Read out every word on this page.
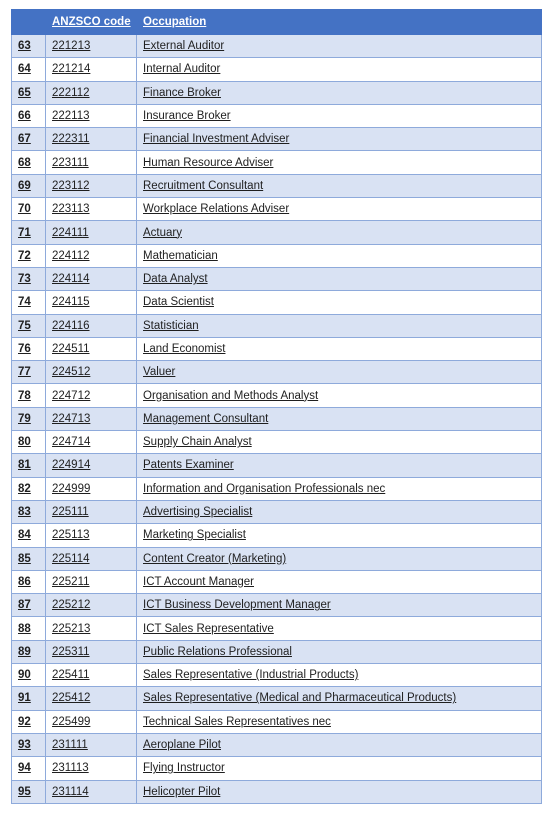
	ANZSCO code	Occupation
63	221213	External Auditor
64	221214	Internal Auditor
65	222112	Finance Broker
66	222113	Insurance Broker
67	222311	Financial Investment Adviser
68	223111	Human Resource Adviser
69	223112	Recruitment Consultant
70	223113	Workplace Relations Adviser
71	224111	Actuary
72	224112	Mathematician
73	224114	Data Analyst
74	224115	Data Scientist
75	224116	Statistician
76	224511	Land Economist
77	224512	Valuer
78	224712	Organisation and Methods Analyst
79	224713	Management Consultant
80	224714	Supply Chain Analyst
81	224914	Patents Examiner
82	224999	Information and Organisation Professionals nec
83	225111	Advertising Specialist
84	225113	Marketing Specialist
85	225114	Content Creator (Marketing)
86	225211	ICT Account Manager
87	225212	ICT Business Development Manager
88	225213	ICT Sales Representative
89	225311	Public Relations Professional
90	225411	Sales Representative (Industrial Products)
91	225412	Sales Representative (Medical and Pharmaceutical Products)
92	225499	Technical Sales Representatives nec
93	231111	Aeroplane Pilot
94	231113	Flying Instructor
95	231114	Helicopter Pilot
